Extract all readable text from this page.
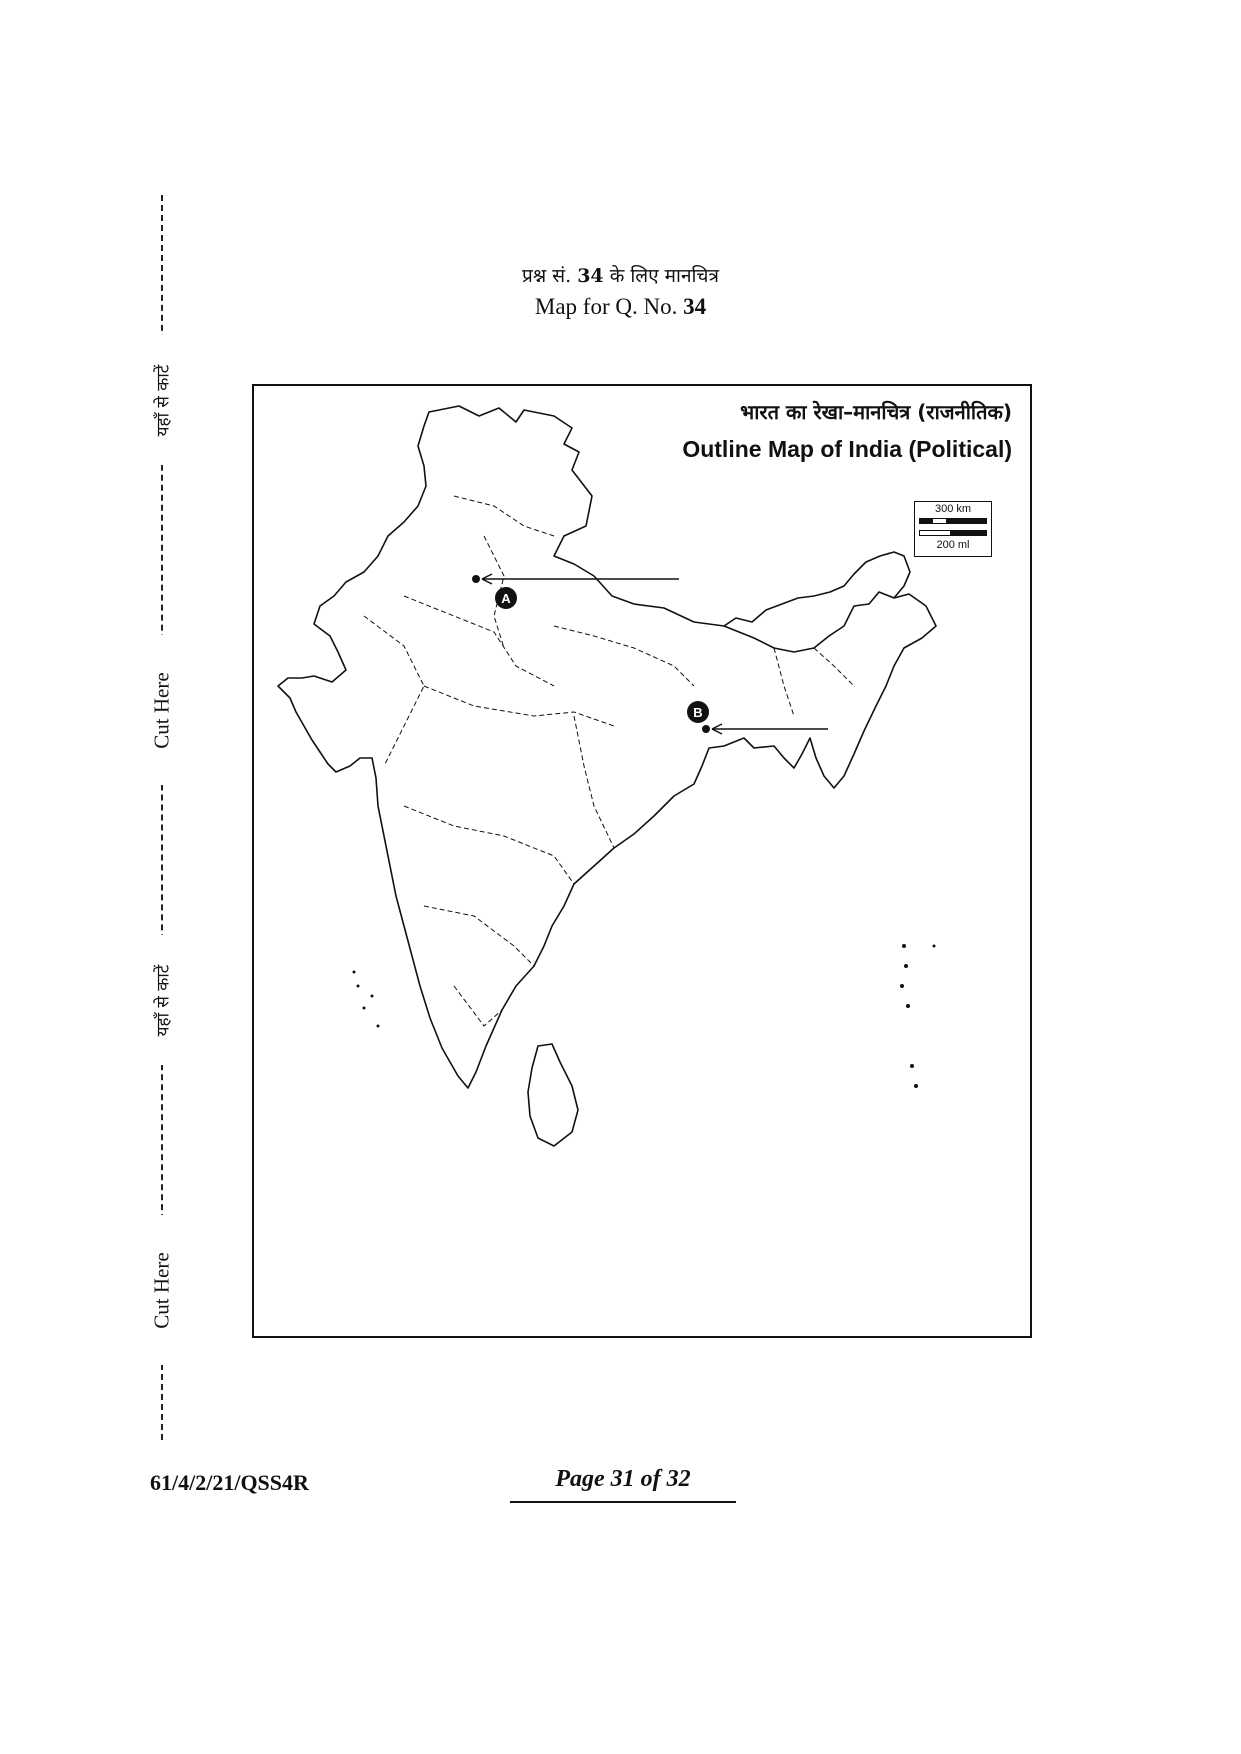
Cut Here
यहाँ से काटें
Cut Here
यहाँ से काटें
प्रश्न सं. 34 के लिए मानचित्र
Map for Q. No. 34
A
B
भारत का रेखा–मानचित्र (राजनीतिक)
Outline Map of India (Political)
300 km
200 ml
61/4/2/21/QSS4R	Page 31 of 32
